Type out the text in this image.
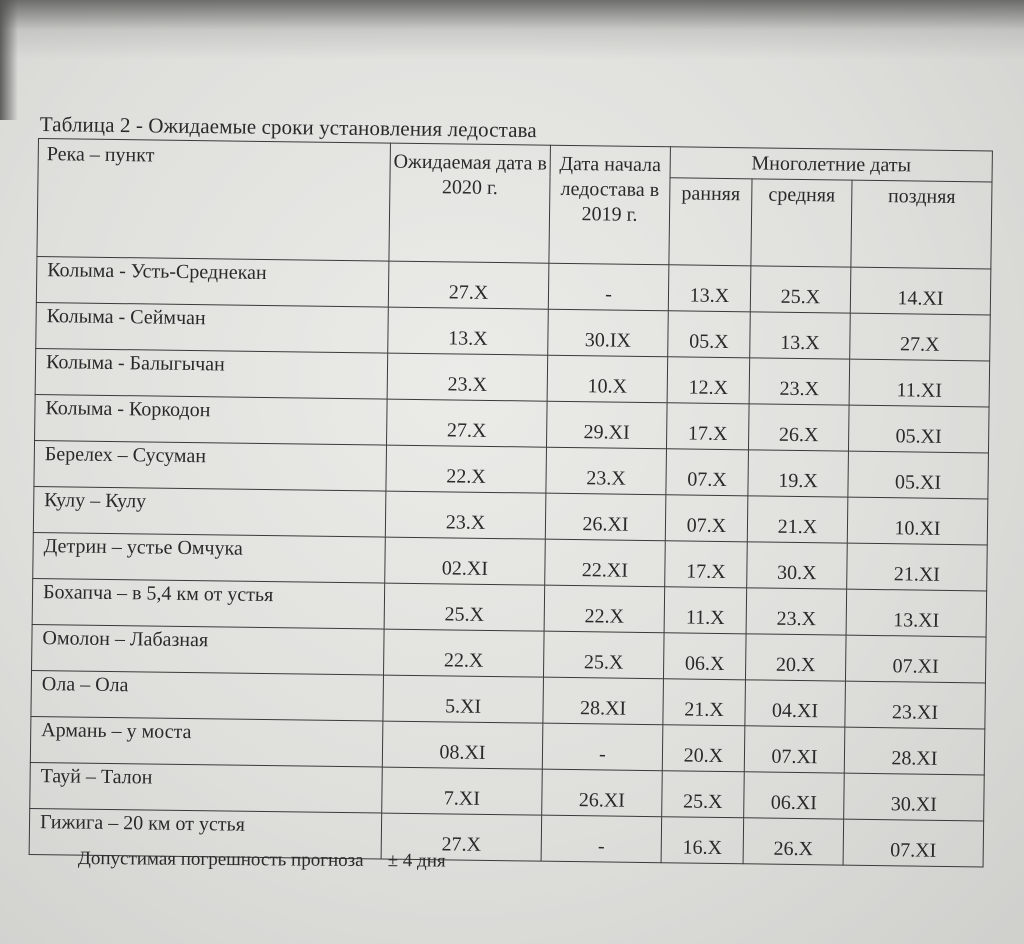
Таблица 2 - Ожидаемые сроки установления ледостава
Река – пункт	Ожидаемая дата в 2020 г.	Дата начала ледостава в 2019 г.	Многолетние даты		
			ранняя	средняя	поздняя
Колыма - Усть-Среднекан	27.X	-	13.X	25.X	14.XI
Колыма - Сеймчан	13.X	30.IX	05.X	13.X	27.X
Колыма - Балыгычан	23.X	10.X	12.X	23.X	11.XI
Колыма - Коркодон	27.X	29.XI	17.X	26.X	05.XI
Берелех – Сусуман	22.X	23.X	07.X	19.X	05.XI
Кулу – Кулу	23.X	26.XI	07.X	21.X	10.XI
Детрин – устье Омчука	02.XI	22.XI	17.X	30.X	21.XI
Бохапча – в 5,4 км от устья	25.X	22.X	11.X	23.X	13.XI
Омолон – Лабазная	22.X	25.X	06.X	20.X	07.XI
Ола – Ола	5.XI	28.XI	21.X	04.XI	23.XI
Армань – у моста	08.XI	-	20.X	07.XI	28.XI
Тауй – Талон	7.XI	26.XI	25.X	06.XI	30.XI
Гижига – 20 км от устья	27.X	-	16.X	26.X	07.XI
Допустимая погрешность прогноза ± 4 дня
